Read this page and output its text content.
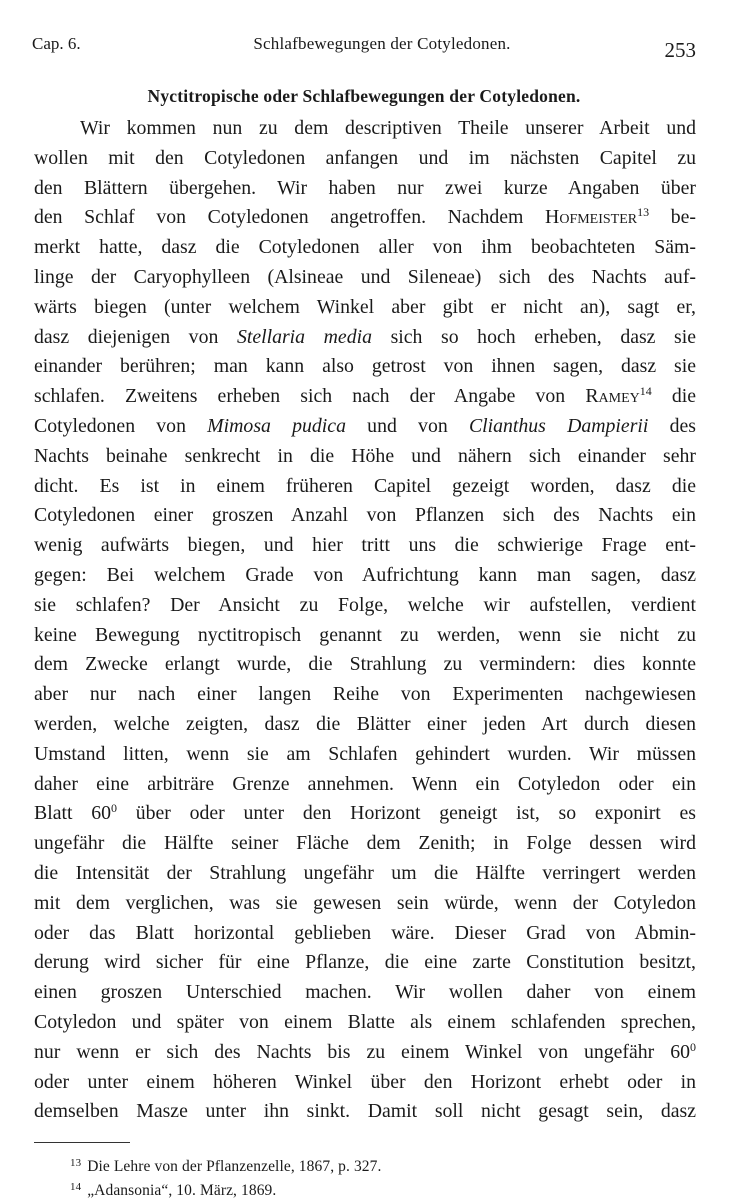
Cap. 6.	Schlafbewegungen der Cotyledonen.	253
Nyctitropische oder Schlafbewegungen der Cotyledonen.
Wir kommen nun zu dem descriptiven Theile unserer Arbeit und
wollen mit den Cotyledonen anfangen und im nächsten Capitel zu
den Blättern übergehen. Wir haben nur zwei kurze Angaben über
den Schlaf von Cotyledonen angetroffen. Nachdem Hofmeister$^{13}$ be-
merkt hatte, dasz die Cotyledonen aller von ihm beobachteten Säm-
linge der Caryophylleen (Alsineae und Sileneae) sich des Nachts auf-
wärts biegen (unter welchem Winkel aber gibt er nicht an), sagt er,
dasz diejenigen von Stellaria media sich so hoch erheben, dasz sie
einander berühren; man kann also getrost von ihnen sagen, dasz sie
schlafen. Zweitens erheben sich nach der Angabe von Ramey$^{14}$ die
Cotyledonen von Mimosa pudica und von Clianthus Dampierii des
Nachts beinahe senkrecht in die Höhe und nähern sich einander sehr
dicht. Es ist in einem früheren Capitel gezeigt worden, dasz die
Cotyledonen einer groszen Anzahl von Pflanzen sich des Nachts ein
wenig aufwärts biegen, und hier tritt uns die schwierige Frage ent-
gegen: Bei welchem Grade von Aufrichtung kann man sagen, dasz
sie schlafen? Der Ansicht zu Folge, welche wir aufstellen, verdient
keine Bewegung nyctitropisch genannt zu werden, wenn sie nicht zu
dem Zwecke erlangt wurde, die Strahlung zu vermindern: dies konnte
aber nur nach einer langen Reihe von Experimenten nachgewiesen
werden, welche zeigten, dasz die Blätter einer jeden Art durch diesen
Umstand litten, wenn sie am Schlafen gehindert wurden. Wir müssen
daher eine arbiträre Grenze annehmen. Wenn ein Cotyledon oder ein
Blatt $60^0$ über oder unter den Horizont geneigt ist, so exponirt es
ungefähr die Hälfte seiner Fläche dem Zenith; in Folge dessen wird
die Intensität der Strahlung ungefähr um die Hälfte verringert werden
mit dem verglichen, was sie gewesen sein würde, wenn der Cotyledon
oder das Blatt horizontal geblieben wäre. Dieser Grad von Abmin-
derung wird sicher für eine Pflanze, die eine zarte Constitution besitzt,
einen groszen Unterschied machen. Wir wollen daher von einem
Cotyledon und später von einem Blatte als einem schlafenden sprechen,
nur wenn er sich des Nachts bis zu einem Winkel von ungefähr $60^0$
oder unter einem höheren Winkel über den Horizont erhebt oder in
demselben Masze unter ihn sinkt. Damit soll nicht gesagt sein, dasz
$^{13}$ Die Lehre von der Pflanzenzelle, 1867, p. 327.
$^{14}$ „Adansonia“, 10. März, 1869.
